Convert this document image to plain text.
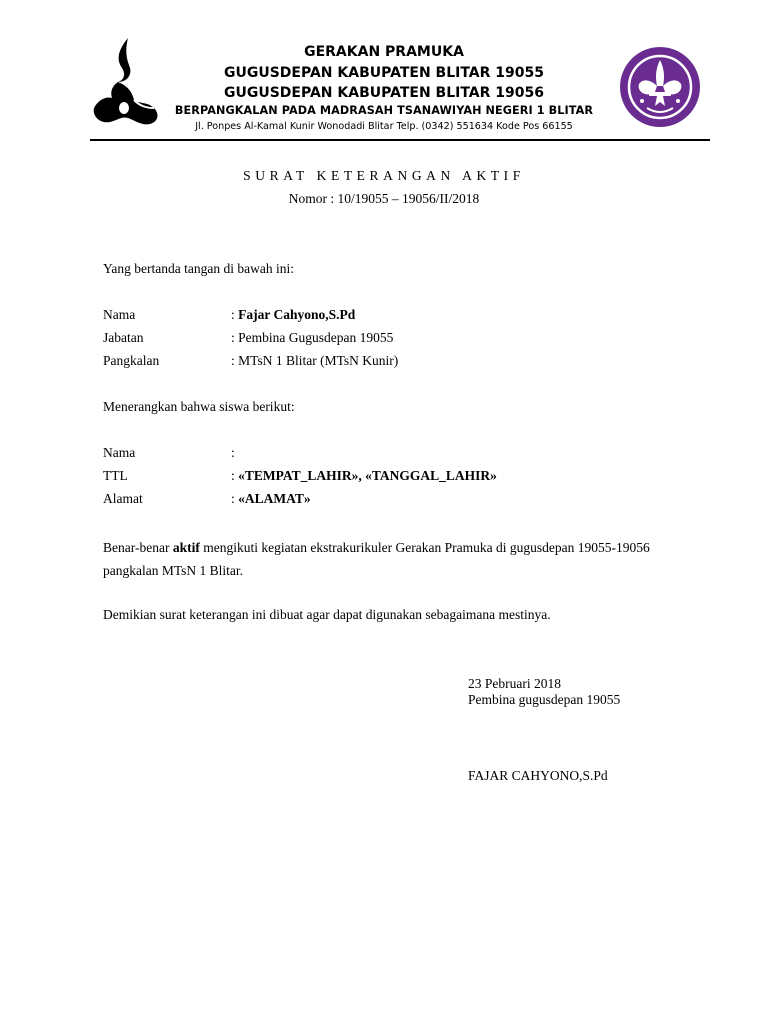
GERAKAN PRAMUKA
GUGUSDEPAN KABUPATEN BLITAR 19055
GUGUSDEPAN KABUPATEN BLITAR 19056
BERPANGKALAN PADA MADRASAH TSANAWIYAH NEGERI 1 BLITAR
Jl. Ponpes Al-Kamal Kunir Wonodadi Blitar Telp. (0342) 551634 Kode Pos 66155
SURAT KETERANGAN AKTIF
Nomor : 10/19055 – 19056/II/2018
Yang bertanda tangan di bawah ini:
Nama	: Fajar Cahyono,S.Pd
Jabatan	: Pembina Gugusdepan 19055
Pangkalan	: MTsN 1 Blitar (MTsN Kunir)
Menerangkan bahwa siswa berikut:
Nama	:
TTL	: «TEMPAT_LAHIR», «TANGGAL_LAHIR»
Alamat	: «ALAMAT»
Benar-benar aktif mengikuti kegiatan ekstrakurikuler Gerakan Pramuka di gugusdepan 19055-19056 pangkalan MTsN 1 Blitar.
Demikian surat keterangan ini dibuat agar dapat digunakan sebagaimana mestinya.
23 Pebruari 2018
Pembina gugusdepan 19055
FAJAR CAHYONO,S.Pd
